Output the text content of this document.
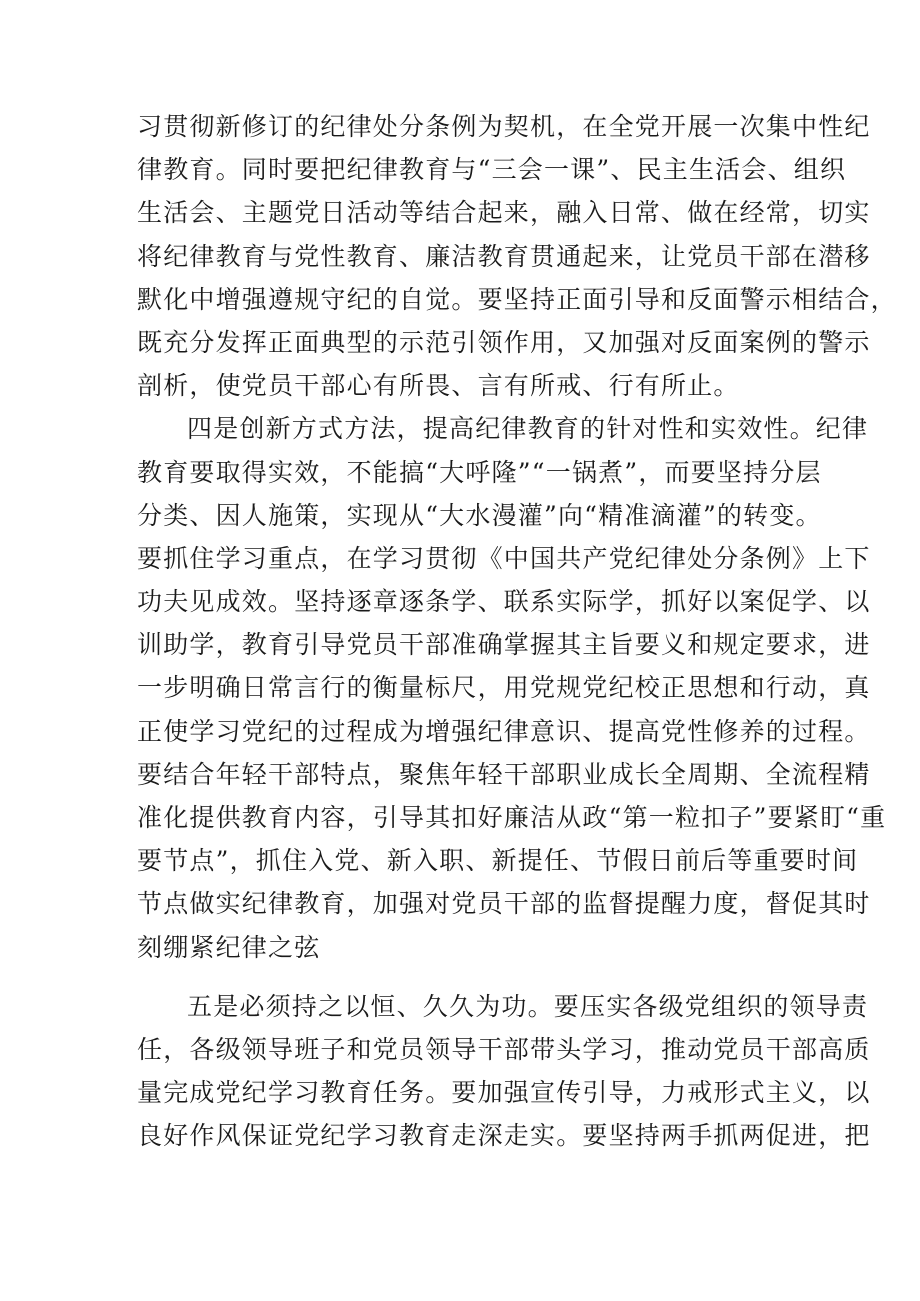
习贯彻新修订的纪律处分条例为契机，在全党开展一次集中性纪
律教育。同时要把纪律教育与“三会一课”、民主生活会、组织
生活会、主题党日活动等结合起来，融入日常、做在经常，切实
将纪律教育与党性教育、廉洁教育贯通起来，让党员干部在潜移
默化中增强遵规守纪的自觉。要坚持正面引导和反面警示相结合，
既充分发挥正面典型的示范引领作用，又加强对反面案例的警示
剖析，使党员干部心有所畏、言有所戒、行有所止。
四是创新方式方法，提高纪律教育的针对性和实效性。纪律
教育要取得实效，不能搞“大呼隆”“一锅煮”，而要坚持分层
分类、因人施策，实现从“大水漫灌”向“精准滴灌”的转变。
要抓住学习重点，在学习贯彻《中国共产党纪律处分条例》上下
功夫见成效。坚持逐章逐条学、联系实际学，抓好以案促学、以
训助学，教育引导党员干部准确掌握其主旨要义和规定要求，进
一步明确日常言行的衡量标尺，用党规党纪校正思想和行动，真
正使学习党纪的过程成为增强纪律意识、提高党性修养的过程。
要结合年轻干部特点，聚焦年轻干部职业成长全周期、全流程精
准化提供教育内容，引导其扣好廉洁从政“第一粒扣子”要紧盯“重
要节点”，抓住入党、新入职、新提任、节假日前后等重要时间
节点做实纪律教育，加强对党员干部的监督提醒力度，督促其时
刻绷紧纪律之弦
五是必须持之以恒、久久为功。要压实各级党组织的领导责
任，各级领导班子和党员领导干部带头学习，推动党员干部高质
量完成党纪学习教育任务。要加强宣传引导，力戒形式主义，以
良好作风保证党纪学习教育走深走实。要坚持两手抓两促进，把
